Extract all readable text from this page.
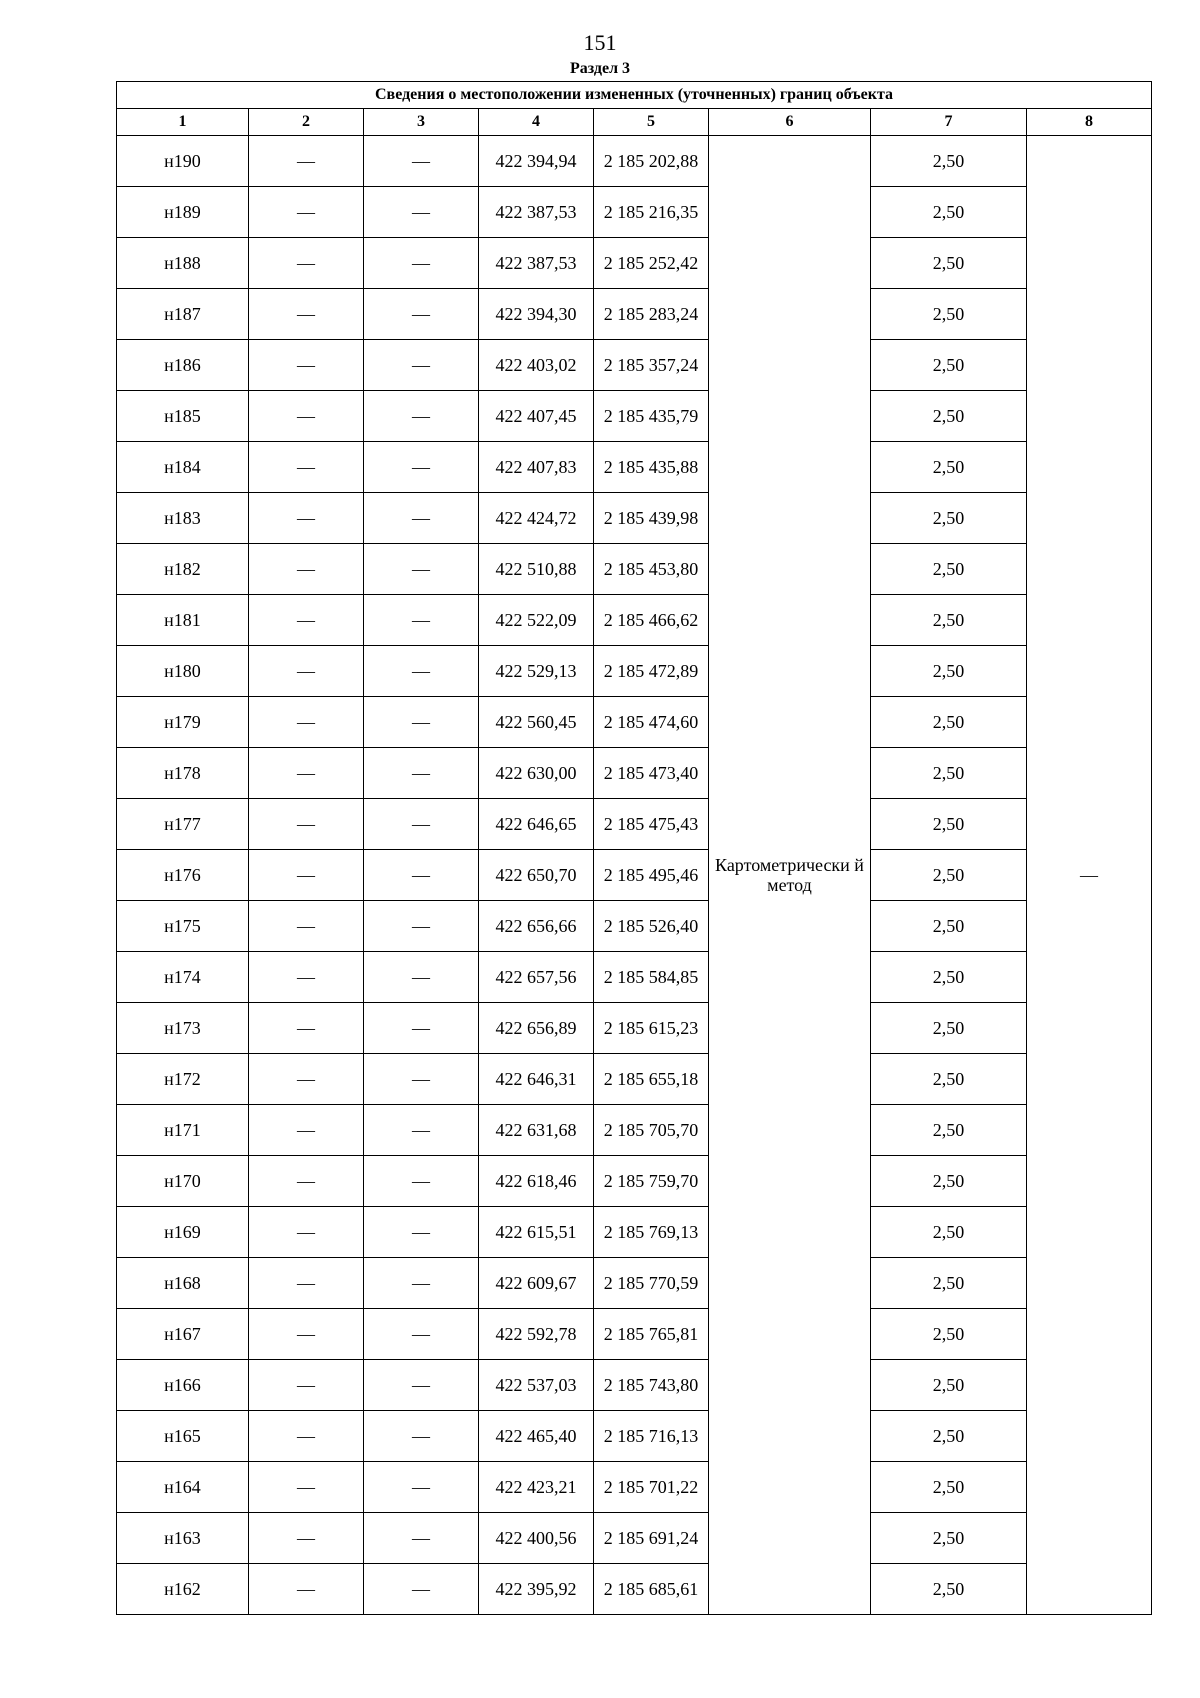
151
Раздел 3
Сведения о местоположении измененных (уточненных) границ объекта							
1	2	3	4	5	6	7	8
н190	—	—	422 394,94	2 185 202,88	Картометрически й метод	2,50	—
н189	—	—	422 387,53	2 185 216,35		2,50	
н188	—	—	422 387,53	2 185 252,42		2,50	
н187	—	—	422 394,30	2 185 283,24		2,50	
н186	—	—	422 403,02	2 185 357,24		2,50	
н185	—	—	422 407,45	2 185 435,79		2,50	
н184	—	—	422 407,83	2 185 435,88		2,50	
н183	—	—	422 424,72	2 185 439,98		2,50	
н182	—	—	422 510,88	2 185 453,80		2,50	
н181	—	—	422 522,09	2 185 466,62		2,50	
н180	—	—	422 529,13	2 185 472,89		2,50	
н179	—	—	422 560,45	2 185 474,60		2,50	
н178	—	—	422 630,00	2 185 473,40		2,50	
н177	—	—	422 646,65	2 185 475,43		2,50	
н176	—	—	422 650,70	2 185 495,46		2,50	
н175	—	—	422 656,66	2 185 526,40		2,50	
н174	—	—	422 657,56	2 185 584,85		2,50	
н173	—	—	422 656,89	2 185 615,23		2,50	
н172	—	—	422 646,31	2 185 655,18		2,50	
н171	—	—	422 631,68	2 185 705,70		2,50	
н170	—	—	422 618,46	2 185 759,70		2,50	
н169	—	—	422 615,51	2 185 769,13		2,50	
н168	—	—	422 609,67	2 185 770,59		2,50	
н167	—	—	422 592,78	2 185 765,81		2,50	
н166	—	—	422 537,03	2 185 743,80		2,50	
н165	—	—	422 465,40	2 185 716,13		2,50	
н164	—	—	422 423,21	2 185 701,22		2,50	
н163	—	—	422 400,56	2 185 691,24		2,50	
н162	—	—	422 395,92	2 185 685,61		2,50	
